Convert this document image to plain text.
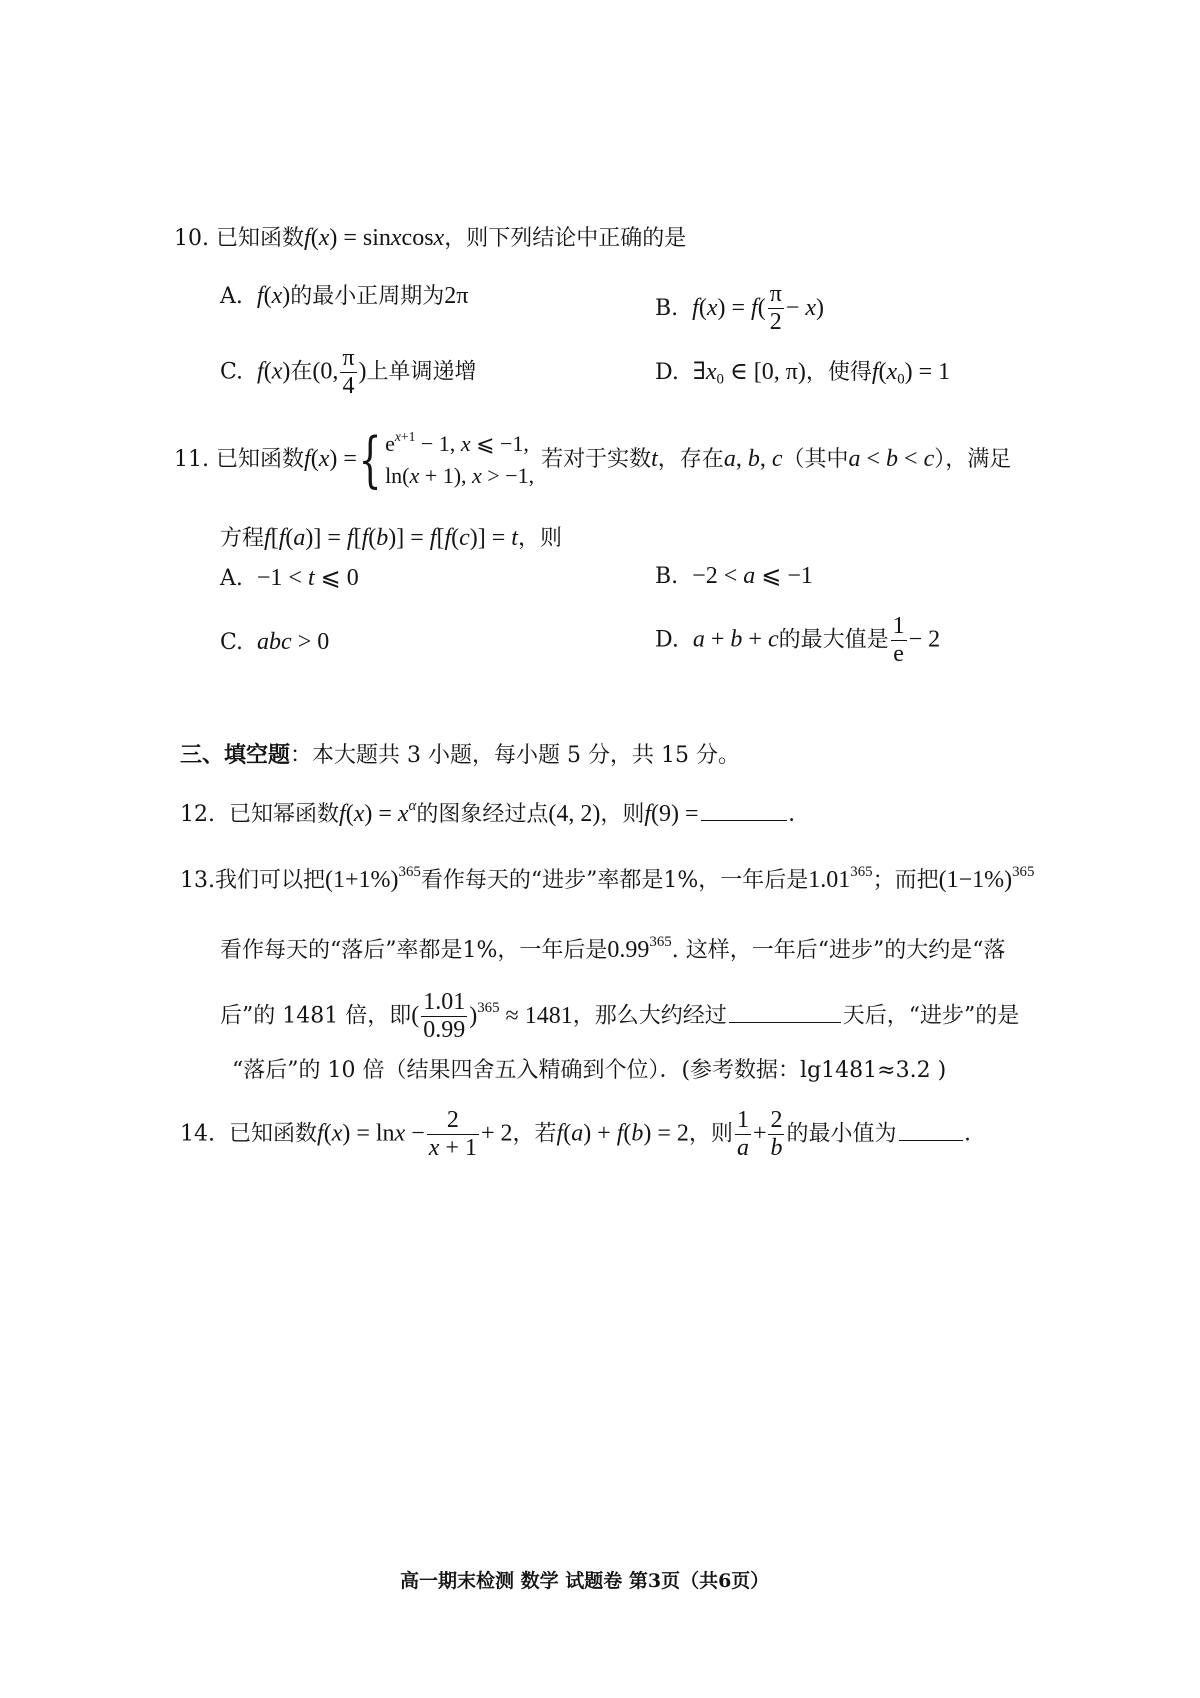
10. 已知函数f(x) = sinxcosx，则下列结论中正确的是
A. f(x)的最小正周期为2π	B. $f(x) = f( \frac{\pi}{2} - x)$
C. f(x)在(0, $\frac{\pi}{4}$ )上单调递增	D. $\exists x_0$ ∈ [0, π)，使得$f(x_0) = 1$
11.
已知函数 f(x) = { $e^{x+1} - 1$, x ⩽ −1,
ln(x + 1), x > −1,

若对于实数 t ，存在 a, b, c （其中 a < b < c ），满足
方程f[f(a)] = f[f(b)] = f[f(c)] = t，则
A. −1 < t ⩽ 0	B. −2 < a ⩽ −1
C. abc > 0	D. a + b + c的最大值是 $\frac{1}{e} - 2$
三、填空题：本大题共 3 小题，每小题 5 分，共 15 分。
12. 已知幂函数$f(x) = x^\alpha$的图象经过点(4, 2)，则f(9) =	.
13.我们可以把$(1+1\%)^{365}$看作每天的“进步”率都是1%，一年后是1.01$^{365}$；而把$(1-1\%)^{365}$
看作每天的“落后”率都是1%，一年后是0.99$^{365}$. 这样，一年后“进步”的大约是“落
后”的 1481 倍，即( $\frac{1.01}{0.99} )^{365} \approx 1481$，那么大约经过	天后，“进步”的是
“落后”的 10 倍（结果四舍五入精确到个位）．(参考数据：lg1481≈3.2 )
14. 已知函数$f(x) = \ln x - \frac{2}{x + 1} + 2$，若f(a) + f(b) = 2，则 $\frac{1}{a} + \frac{2}{b}$ 的最小值为	.
高一期末检测 数学 试题卷 第3页（共6页）
